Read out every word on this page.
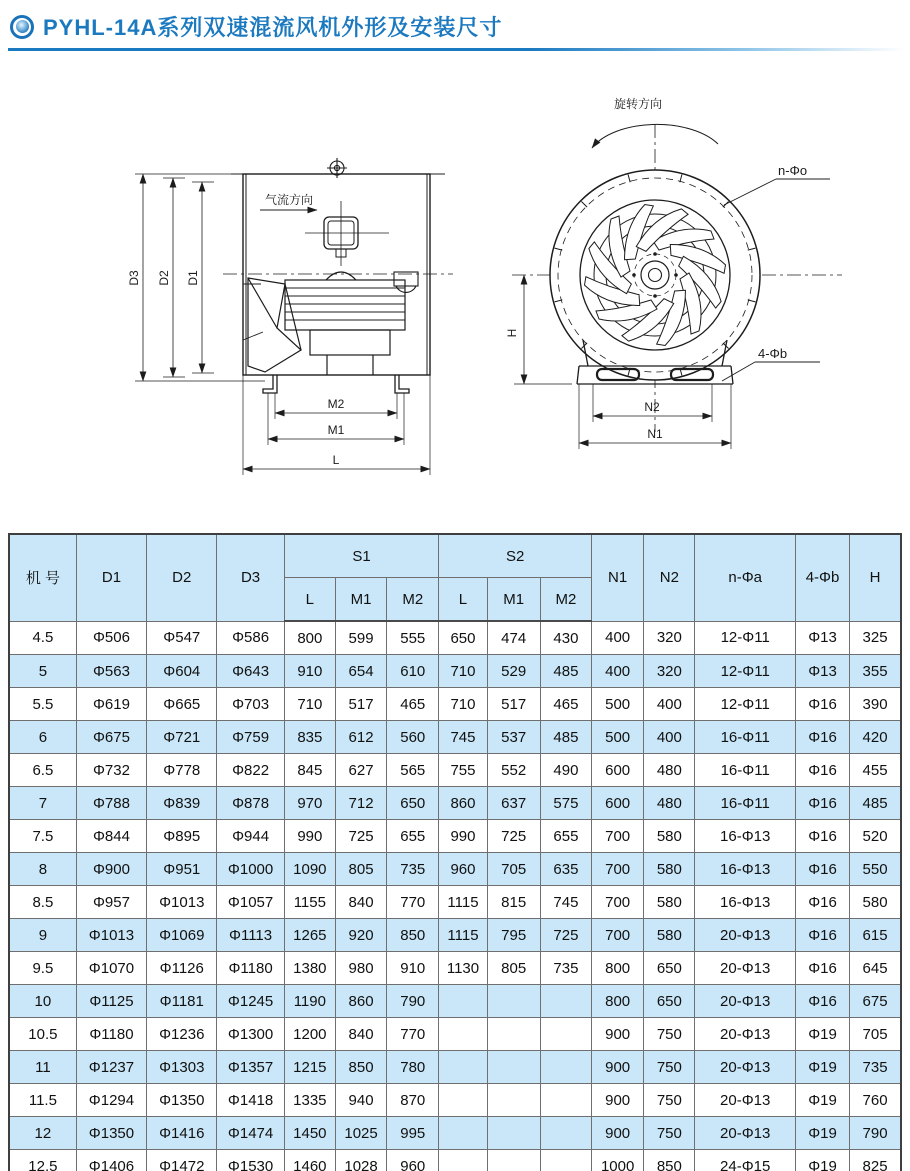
PYHL-14A系列双速混流风机外形及安装尺寸
气流方向
D3 D2 D1
M2
M1
L
旋转方向
H
N2
N1
n-Φo
4-Φb
机 号	D1	D2	D3	S1			S2			N1	N2	n-Φa	4-Φb	H
				L	M1	M2	L	M1	M2					
4.5	Φ506	Φ547	Φ586	800	599	555	650	474	430	400	320	12-Φ11	Φ13	325
5	Φ563	Φ604	Φ643	910	654	610	710	529	485	400	320	12-Φ11	Φ13	355
5.5	Φ619	Φ665	Φ703	710	517	465	710	517	465	500	400	12-Φ11	Φ16	390
6	Φ675	Φ721	Φ759	835	612	560	745	537	485	500	400	16-Φ11	Φ16	420
6.5	Φ732	Φ778	Φ822	845	627	565	755	552	490	600	480	16-Φ11	Φ16	455
7	Φ788	Φ839	Φ878	970	712	650	860	637	575	600	480	16-Φ11	Φ16	485
7.5	Φ844	Φ895	Φ944	990	725	655	990	725	655	700	580	16-Φ13	Φ16	520
8	Φ900	Φ951	Φ1000	1090	805	735	960	705	635	700	580	16-Φ13	Φ16	550
8.5	Φ957	Φ1013	Φ1057	1155	840	770	1115	815	745	700	580	16-Φ13	Φ16	580
9	Φ1013	Φ1069	Φ1113	1265	920	850	1115	795	725	700	580	20-Φ13	Φ16	615
9.5	Φ1070	Φ1126	Φ1180	1380	980	910	1130	805	735	800	650	20-Φ13	Φ16	645
10	Φ1125	Φ1181	Φ1245	1190	860	790				800	650	20-Φ13	Φ16	675
10.5	Φ1180	Φ1236	Φ1300	1200	840	770				900	750	20-Φ13	Φ19	705
11	Φ1237	Φ1303	Φ1357	1215	850	780				900	750	20-Φ13	Φ19	735
11.5	Φ1294	Φ1350	Φ1418	1335	940	870				900	750	20-Φ13	Φ19	760
12	Φ1350	Φ1416	Φ1474	1450	1025	995				900	750	20-Φ13	Φ19	790
12.5	Φ1406	Φ1472	Φ1530	1460	1028	960				1000	850	24-Φ15	Φ19	825
